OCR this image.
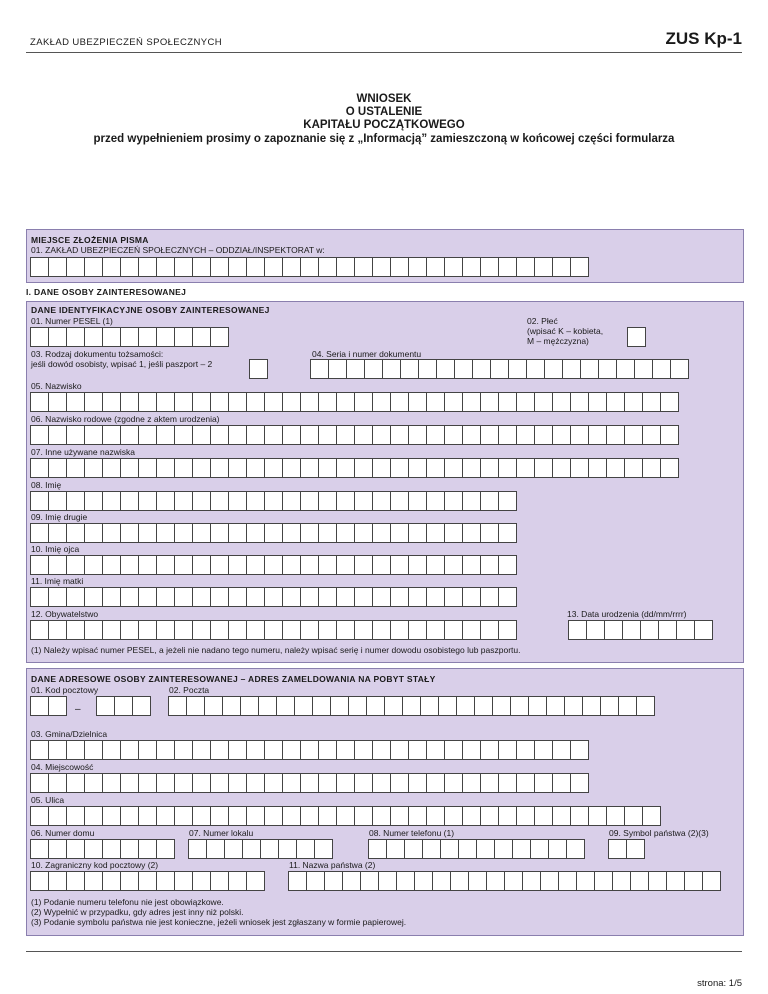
ZAKŁAD UBEZPIECZEŃ SPOŁECZNYCH	ZUS Kp-1
WNIOSEK
O USTALENIE
KAPITAŁU POCZĄTKOWEGO
przed wypełnieniem prosimy o zapoznanie się z „Informacją” zamieszczoną w końcowej części formularza
MIEJSCE ZŁOŻENIA PISMA
01. ZAKŁAD UBEZPIECZEŃ SPOŁECZNYCH – ODDZIAŁ/INSPEKTORAT w:
I. DANE OSOBY ZAINTERESOWANEJ
DANE IDENTYFIKACYJNE OSOBY ZAINTERESOWANEJ
01. Numer PESEL (1)	02. Płeć
(wpisać K – kobieta,
M – mężczyzna)
03. Rodzaj dokumentu tożsamości:
jeśli dowód osobisty, wpisać 1, jeśli paszport – 2
04. Seria i numer dokumentu
05. Nazwisko
06. Nazwisko rodowe (zgodne z aktem urodzenia)
07. Inne używane nazwiska
08. Imię
09. Imię drugie
10. Imię ojca
11. Imię matki
12. Obywatelstwo	13. Data urodzenia (dd/mm/rrrr)
(1) Należy wpisać numer PESEL, a jeżeli nie nadano tego numeru, należy wpisać serię i numer dowodu osobistego lub paszportu.
DANE ADRESOWE OSOBY ZAINTERESOWANEJ – ADRES ZAMELDOWANIA NA POBYT STAŁY
01. Kod pocztowy
–
02. Poczta
03. Gmina/Dzielnica
04. Miejscowość
05. Ulica
06. Numer domu	07. Numer lokalu	08. Numer telefonu (1)	09. Symbol państwa (2)(3)
10. Zagraniczny kod pocztowy (2)	11. Nazwa państwa (2)
(1) Podanie numeru telefonu nie jest obowiązkowe.
(2) Wypełnić w przypadku, gdy adres jest inny niż polski.
(3) Podanie symbolu państwa nie jest konieczne, jeżeli wniosek jest zgłaszany w formie papierowej.
strona: 1/5
